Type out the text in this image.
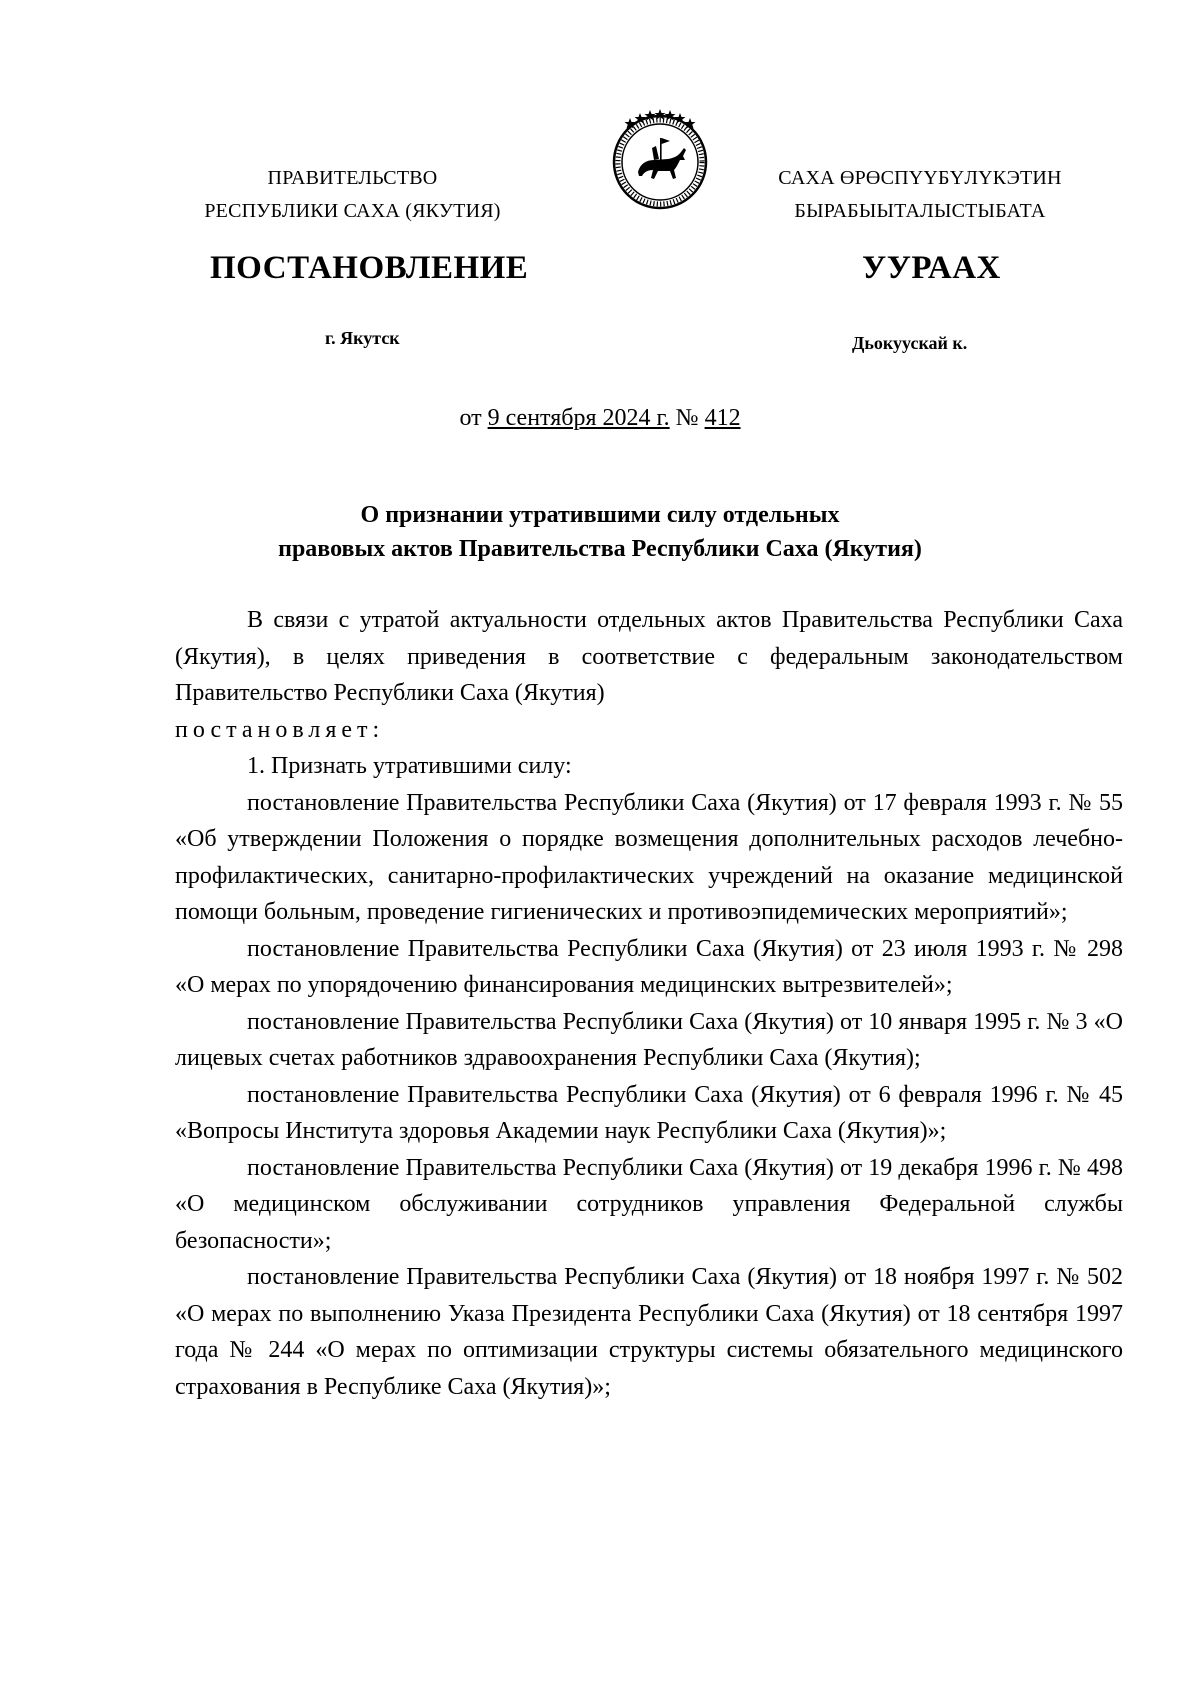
ПРАВИТЕЛЬСТВО
РЕСПУБЛИКИ САХА (ЯКУТИЯ)
САХА ӨРӨСПҮҮБҮЛҮКЭТИН
БЫРАБЫЫТАЛЫСТЫБАТА
ПОСТАНОВЛЕНИЕ	УУРААХ
г. Якутск	Дьокуускай к.
от 9 сентября 2024 г. № 412
О признании утратившими силу отдельных
правовых актов Правительства Республики Саха (Якутия)

В связи с утратой актуальности отдельных актов Правительства Республики Саха (Якутия), в целях приведения в соответствие с федеральным законодательством Правительство Республики Саха (Якутия)

постановляет:

1. Признать утратившими силу:

постановление Правительства Республики Саха (Якутия) от 17 февраля 1993 г. № 55 «Об утверждении Положения о порядке возмещения дополнительных расходов лечебно-профилактических, санитарно-профилактических учреждений на оказание медицинской помощи больным, проведение гигиенических и противоэпидемических мероприятий»;

постановление Правительства Республики Саха (Якутия) от 23 июля 1993 г. № 298 «О мерах по упорядочению финансирования медицинских вытрезвителей»;

постановление Правительства Республики Саха (Якутия) от 10 января 1995 г. № 3 «О лицевых счетах работников здравоохранения Республики Саха (Якутия);

постановление Правительства Республики Саха (Якутия) от 6 февраля 1996 г. № 45 «Вопросы Института здоровья Академии наук Республики Саха (Якутия)»;

постановление Правительства Республики Саха (Якутия) от 19 декабря 1996 г. № 498 «О медицинском обслуживании сотрудников управления Федеральной службы безопасности»;

постановление Правительства Республики Саха (Якутия) от 18 ноября 1997 г. № 502 «О мерах по выполнению Указа Президента Республики Саха (Якутия) от 18 сентября 1997 года № 244 «О мерах по оптимизации структуры системы обязательного медицинского страхования в Республике Саха (Якутия)»;
